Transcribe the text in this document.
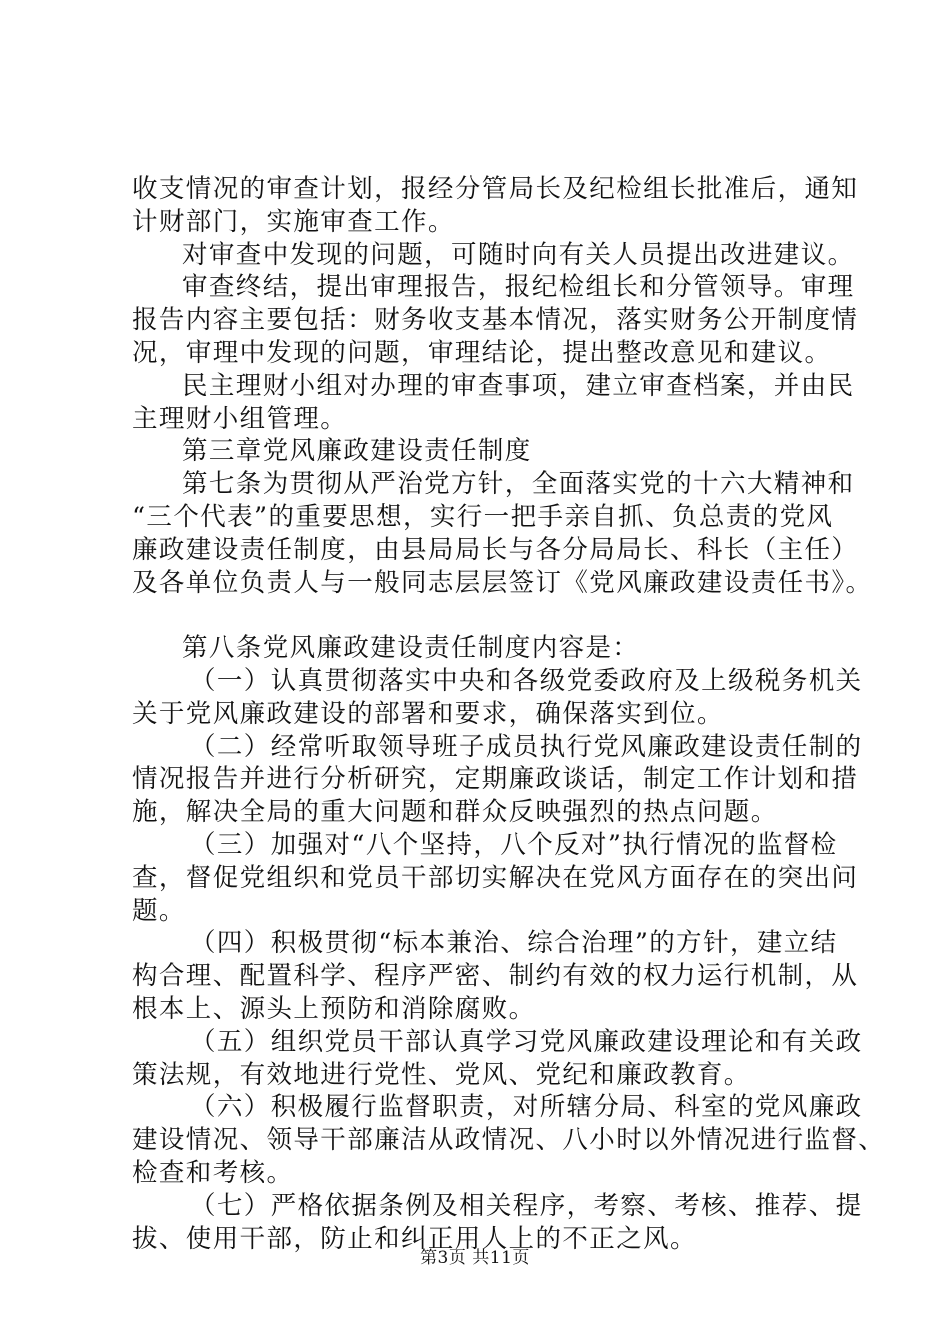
收支情况的审查计划，报经分管局长及纪检组长批准后，通知
计财部门，实施审查工作。
对审查中发现的问题，可随时向有关人员提出改进建议。
审查终结，提出审理报告，报纪检组长和分管领导。审理
报告内容主要包括：财务收支基本情况，落实财务公开制度情
况，审理中发现的问题，审理结论，提出整改意见和建议。
民主理财小组对办理的审查事项，建立审查档案，并由民
主理财小组管理。
第三章党风廉政建设责任制度
第七条为贯彻从严治党方针，全面落实党的十六大精神和
“三个代表”的重要思想，实行一把手亲自抓、负总责的党风
廉政建设责任制度，由县局局长与各分局局长、科长（主任）
及各单位负责人与一般同志层层签订《党风廉政建设责任书》。
第八条党风廉政建设责任制度内容是：
（一）认真贯彻落实中央和各级党委政府及上级税务机关
关于党风廉政建设的部署和要求，确保落实到位。
（二）经常听取领导班子成员执行党风廉政建设责任制的
情况报告并进行分析研究，定期廉政谈话，制定工作计划和措
施，解决全局的重大问题和群众反映强烈的热点问题。
（三）加强对“八个坚持，八个反对”执行情况的监督检
查，督促党组织和党员干部切实解决在党风方面存在的突出问
题。
（四）积极贯彻“标本兼治、综合治理”的方针，建立结
构合理、配置科学、程序严密、制约有效的权力运行机制，从
根本上、源头上预防和消除腐败。
（五）组织党员干部认真学习党风廉政建设理论和有关政
策法规，有效地进行党性、党风、党纪和廉政教育。
（六）积极履行监督职责，对所辖分局、科室的党风廉政
建设情况、领导干部廉洁从政情况、八小时以外情况进行监督、
检查和考核。
（七）严格依据条例及相关程序，考察、考核、推荐、提
拔、使用干部，防止和纠正用人上的不正之风。
第3页 共11页
